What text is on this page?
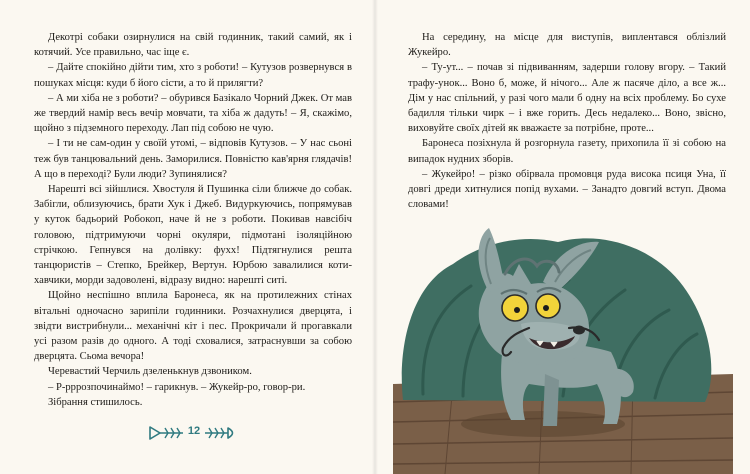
Декотрі собаки озирнулися на свій годинник, такий самий, як і котячий. Усе правильно, час іще є.

– Дайте спокійно дійти тим, хто з роботи! – Кутузов розвернувся в пошуках місця: куди б його сісти, а то й прилягти?

– А ми хіба не з роботи? – обурився Базікало Чорний Джек. От мав же твердий намір весь вечір мовчати, та хіба ж дадуть! – Я, скажімо, щойно з підземного переходу. Лап під собою не чую.

– І ти не сам-один у своїй утомі, – відповів Кутузов. – У нас сьоні теж був танцювальний день. Заморилися. Повністю кав'ярня глядачів! А що в переході? Були люди? Зупинялися?

Нарешті всі зійшлися. Хвостуля й Пушинка сіли ближче до собак. Забігли, облизуючись, брати Хук і Джеб. Видуркуючись, попрямував у куток бадьорий Робокоп, наче й не з роботи. Покивав навсібіч головою, підтримуючи чорні окуляри, підмотані ізоляційною стрічкою. Гепнувся на долівку: фухх! Підтягнулися решта танцюристів – Степко, Брейкер, Вертун. Юрбою завалилися коти-хавчики, морди задоволені, відразу видно: нарешті ситі.

Щойно неспішно вплила Баронеса, як на протилежних стінах вітальні одночасно зарипіли годинники. Розчахнулися дверцята, і звідти вистрибнули... механічні кіт і пес. Прокричали й прогавкали усі разом разів до одного. А тоді сховалися, затраснувши за собою дверцята. Сьома вечора!

Черевастий Черчиль дзеленькнув дзвоником.

– Р-рррозпочинаймо! – гарикнув. – Жукейр-ро, говор-ри.

Зібрання стишилось.

12

На середину, на місце для виступів, виплентався облізлий Жукейро.

– Ту-ут... – почав зі підвиванням, задерши голову вгору. – Такий трафу-унок... Воно б, може, й нічого... Але ж пасяче діло, а все ж... Дім у нас спільний, у разі чого мали б одну на всіх проблему. Бо сухе бадилля тільки чирк – і вже горить. Десь недалеко... Воно, звісно, виховуйте своїх дітей як вважаєте за потрібне, проте...

Баронеса позіхнула й розгорнула газету, прихопила її зі собою на випадок нудних зборів.

– Жукейро! – різко обірвала промовця руда висока псиця Уна, її довгі дреди хитнулися попід вухами. – Занадто довгий вступ. Двома словами!
